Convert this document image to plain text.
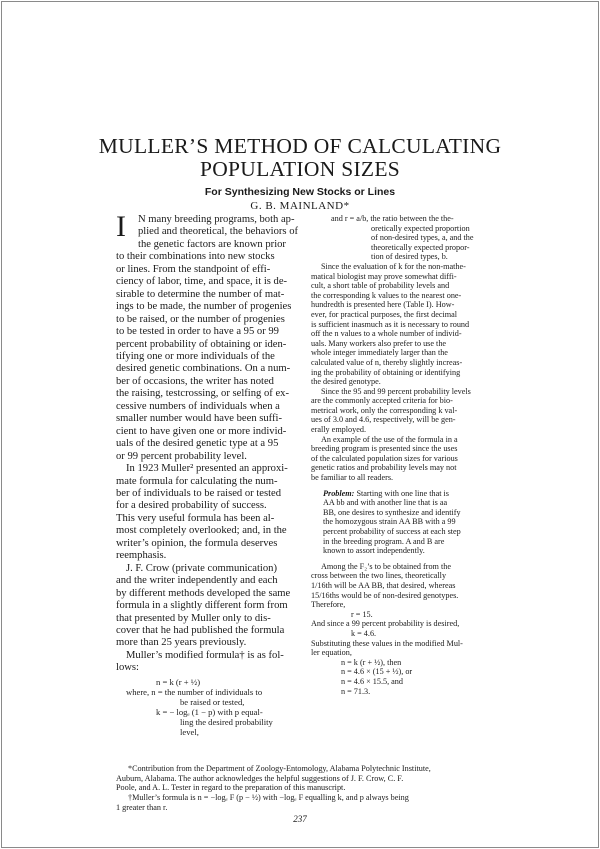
MULLER’S METHOD OF CALCULATING
POPULATION SIZES
For Synthesizing New Stocks or Lines
G. B. MAINLAND*
I	N many breeding programs, both ap-
plied and theoretical, the behaviors of
the genetic factors are known prior
to their combinations into new stocks
or lines. From the standpoint of effi-
ciency of labor, time, and space, it is de-
sirable to determine the number of mat-
ings to be made, the number of progenies
to be raised, or the number of progenies
to be tested in order to have a 95 or 99
percent probability of obtaining or iden-
tifying one or more individuals of the
desired genetic combinations. On a num-
ber of occasions, the writer has noted
the raising, testcrossing, or selfing of ex-
cessive numbers of individuals when a
smaller number would have been suffi-
cient to have given one or more individ-
uals of the desired genetic type at a 95
or 99 percent probability level.
In 1923 Muller² presented an approxi-
mate formula for calculating the num-
ber of individuals to be raised or tested
for a desired probability of success.
This very useful formula has been al-
most completely overlooked; and, in the
writer’s opinion, the formula deserves
reemphasis.
J. F. Crow (private communication)
and the writer independently and each
by different methods developed the same
formula in a slightly different form from
that presented by Muller only to dis-
cover that he had published the formula
more than 25 years previously.
Muller’s modified formula† is as fol-
lows:
n = k (r + ½)
where, n = the number of individuals to
be raised or tested,
k = − logₑ (1 − p) with p equal-
ling the desired probability
level,
and r = a/b, the ratio between the the-
oretically expected proportion
of non-desired types, a, and the
theoretically expected propor-
tion of desired types, b.
Since the evaluation of k for the non-mathe-
matical biologist may prove somewhat diffi-
cult, a short table of probability levels and
the corresponding k values to the nearest one-
hundredth is presented here (Table I). How-
ever, for practical purposes, the first decimal
is sufficient inasmuch as it is necessary to round
off the n values to a whole number of individ-
uals. Many workers also prefer to use the
whole integer immediately larger than the
calculated value of n, thereby slightly increas-
ing the probability of obtaining or identifying
the desired genotype.
Since the 95 and 99 percent probability levels
are the commonly accepted criteria for bio-
metrical work, only the corresponding k val-
ues of 3.0 and 4.6, respectively, will be gen-
erally employed.
An example of the use of the formula in a
breeding program is presented since the uses
of the calculated population sizes for various
genetic ratios and probability levels may not
be familiar to all readers.
Problem: Starting with one line that is
AA bb and with another line that is aa
BB, one desires to synthesize and identify
the homozygous strain AA BB with a 99
percent probability of success at each step
in the breeding program. A and B are
known to assort independently.
Among the F₂’s to be obtained from the
cross between the two lines, theoretically
1/16th will be AA BB, that desired, whereas
15/16ths would be of non-desired genotypes.
Therefore,
r = 15.
And since a 99 percent probability is desired,
k = 4.6.
Substituting these values in the modified Mul-
ler equation,
n = k (r + ½), then
n = 4.6 × (15 + ½), or
n = 4.6 × 15.5, and
n = 71.3.
*Contribution from the Department of Zoology-Entomology, Alabama Polytechnic Institute,
Auburn, Alabama. The author acknowledges the helpful suggestions of J. F. Crow, C. F.
Poole, and A. L. Tester in regard to the preparation of this manuscript.
†Muller’s formula is n = −logₑ F (p − ½) with −logₑ F equalling k, and p always being
1 greater than r.
237
